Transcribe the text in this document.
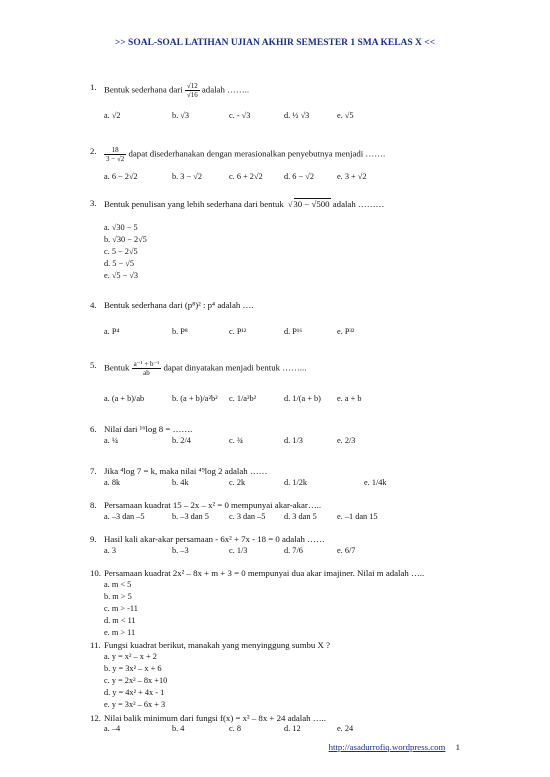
>> SOAL-SOAL LATIHAN UJIAN AKHIR SEMESTER 1 SMA KELAS X <<
1. Bentuk sederhana dari $\frac{√12}{√16}$ adalah ……..
a. √2	b. √3	c. - √3	d. ½ √3	e. √5
2. $\frac{18}{3 - √2}$ dapat disederhanakan dengan merasionalkan penyebutnya menjadi …….
a. 6 − 2√2	b. 3 − √2	c. 6 + 2√2	d. 6 − √2	e. 3 + √2
3. Bentuk penulisan yang lebih sederhana dari bentuk √ 30 − √500 adalah ………
a. √30 − 5
b. √30 − 2√5
c. 5 − 2√5
d. 5 − √5
e. √5 − √3
4. Bentuk sederhana dari (p⁸)² : p⁴ adalah ….
a. P⁴	b. P⁸	c. P¹²	d. P¹⁶	e. P³²
5. Bentuk $\frac{\text{a⁻¹ + b⁻¹}}{ab}$ dapat dinyatakan menjadi bentuk ……...
a. (a + b)/ab	b. (a + b)/a²b² c. 1/a²b²	d. 1/(a + b) e. a + b
6. Nilai dari ¹⁶log 8 = …….
a. ¼	b. 2/4	c. ¾	d. 1/3	e. 2/3
7. Jika ⁴log 7 = k, maka nilai ⁴⁹log 2 adalah ……
a. 8k	b. 4k	c. 2k	d. 1/2k	e. 1/4k
8. Persamaan kuadrat 15 – 2x – x² = 0 mempunyai akar-akar…..
a. –3 dan –5	b. –3 dan 5 c. 3 dan –5 d. 3 dan 5 e. –1 dan 15
9. Hasil kali akar-akar persamaan - 6x² + 7x - 18 = 0 adalah ……
a. 3	b. –3	c. 1/3	d. 7/6	e. 6/7
10. Persamaan kuadrat 2x² – 8x + m + 3 = 0 mempunyai dua akar imajiner. Nilai m adalah …..
a. m < 5
b. m > 5
c. m > -11
d. m < 11
e. m > 11
11. Fungsi kuadrat berikut, manakah yang menyinggung sumbu X ?
a. y = x² – x + 2
b. y = 3x² – x + 6
c. y = 2x² – 8x +10
d. y = 4x² + 4x - 1
e. y = 3x² – 6x + 3
12. Nilai balik minimum dari fungsi f(x) = x² – 8x + 24 adalah …..
a. –4	b. 4	c. 8	d. 12	e. 24
http://asadurrofiq.wordpress.com 1
